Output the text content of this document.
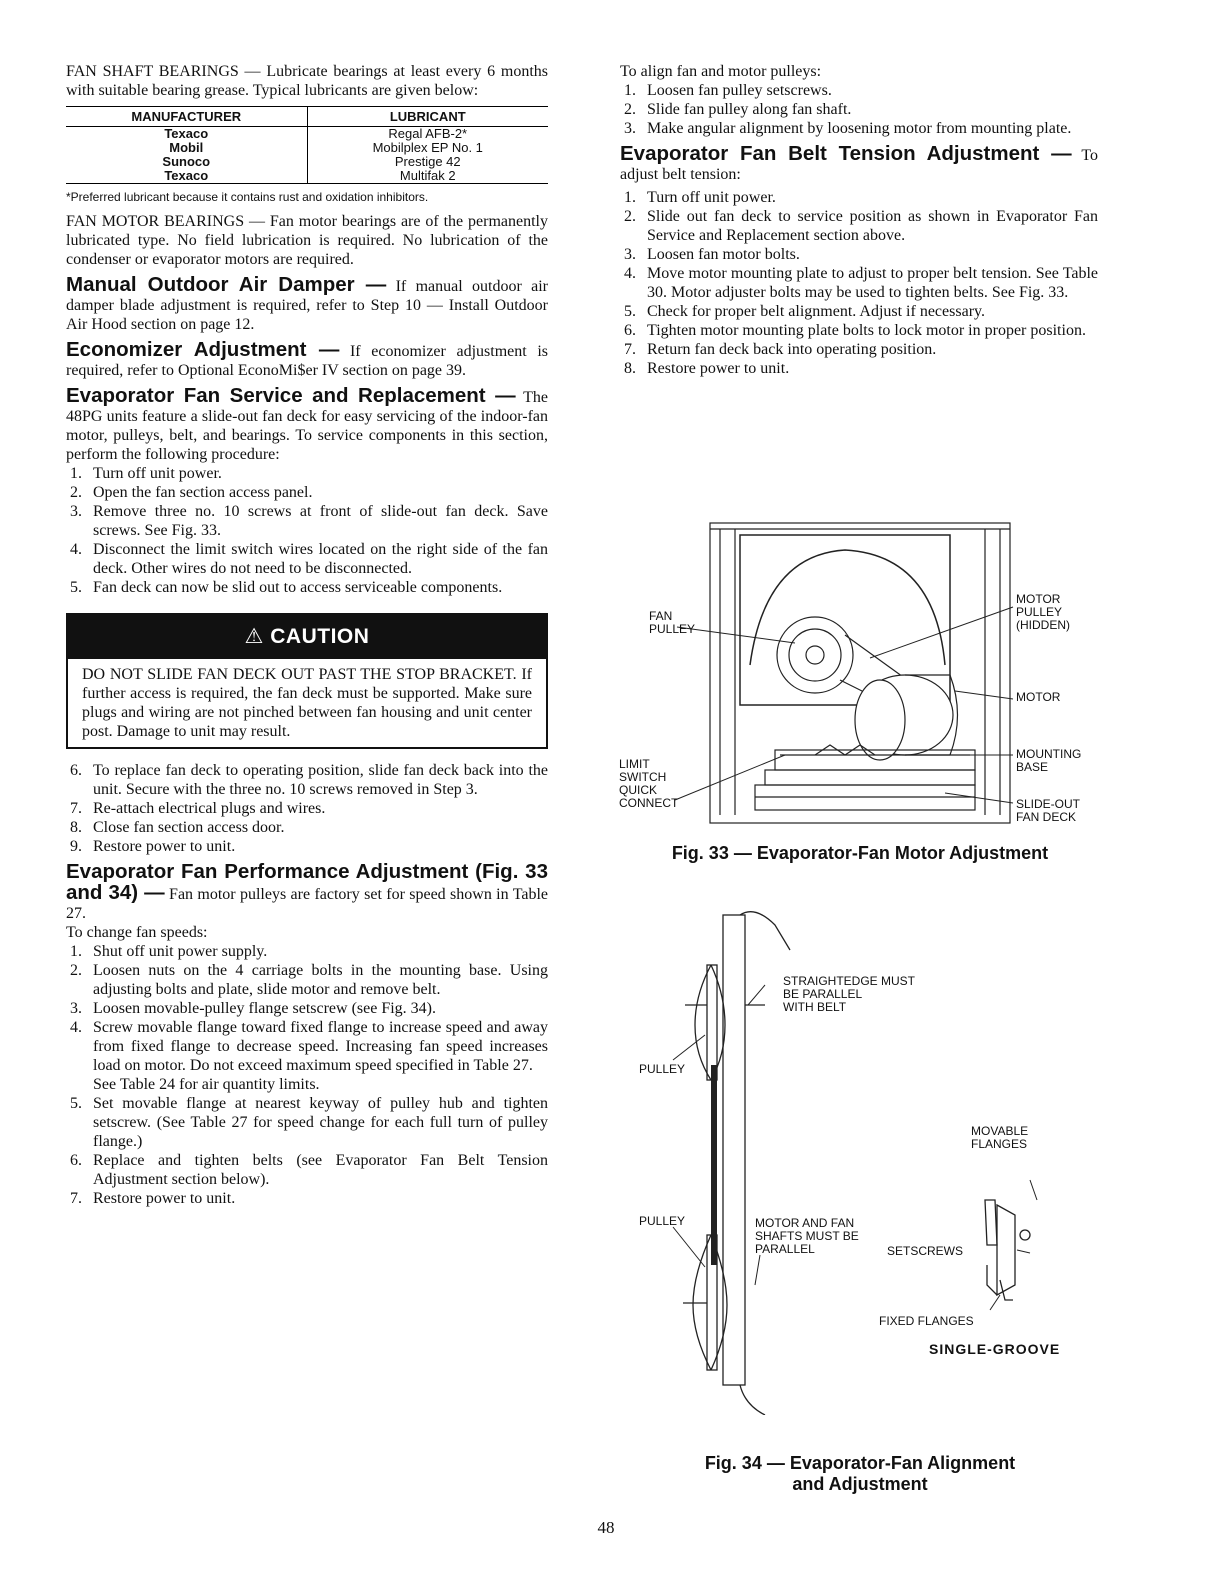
FAN SHAFT BEARINGS — Lubricate bearings at least every 6 months with suitable bearing grease. Typical lubricants are given below:

MANUFACTURER	LUBRICANT
Texaco	Regal AFB-2*
Mobil	Mobilplex EP No. 1
Sunoco	Prestige 42
Texaco	Multifak 2
*Preferred lubricant because it contains rust and oxidation inhibitors.

FAN MOTOR BEARINGS — Fan motor bearings are of the permanently lubricated type. No field lubrication is required. No lubrication of the condenser or evaporator motors are required.

Manual Outdoor Air Damper — If manual outdoor air damper blade adjustment is required, refer to Step 10 — Install Outdoor Air Hood section on page 12.

Economizer Adjustment — If economizer adjustment is required, refer to Optional EconoMi$er IV section on page 39.

Evaporator Fan Service and Replacement — The 48PG units feature a slide-out fan deck for easy servicing of the indoor-fan motor, pulleys, belt, and bearings. To service components in this section, perform the following procedure:

1. Turn off unit power.
2. Open the fan section access panel.
3. Remove three no. 10 screws at front of slide-out fan deck. Save screws. See Fig. 33.
4. Disconnect the limit switch wires located on the right side of the fan deck. Other wires do not need to be disconnected.
5. Fan deck can now be slid out to access serviceable components.
⚠ CAUTION
DO NOT SLIDE FAN DECK OUT PAST THE STOP BRACKET. If further access is required, the fan deck must be supported. Make sure plugs and wiring are not pinched between fan housing and unit center post. Damage to unit may result.
6. To replace fan deck to operating position, slide fan deck back into the unit. Secure with the three no. 10 screws removed in Step 3.
7. Re-attach electrical plugs and wires.
8. Close fan section access door.
9. Restore power to unit.

Evaporator Fan Performance Adjustment (Fig. 33 and 34) — Fan motor pulleys are factory set for speed shown in Table 27.

To change fan speeds:

1. Shut off unit power supply.
2. Loosen nuts on the 4 carriage bolts in the mounting base. Using adjusting bolts and plate, slide motor and remove belt.
3. Loosen movable-pulley flange setscrew (see Fig. 34).
4. Screw movable flange toward fixed flange to increase speed and away from fixed flange to decrease speed. Increasing fan speed increases load on motor. Do not exceed maximum speed specified in Table 27.
See Table 24 for air quantity limits.
5. Set movable flange at nearest keyway of pulley hub and tighten setscrew. (See Table 27 for speed change for each full turn of pulley flange.)
6. Replace and tighten belts (see Evaporator Fan Belt Tension Adjustment section below).
7. Restore power to unit.

To align fan and motor pulleys:

1. Loosen fan pulley setscrews.
2. Slide fan pulley along fan shaft.
3. Make angular alignment by loosening motor from mounting plate.

Evaporator Fan Belt Tension Adjustment — To adjust belt tension:

1. Turn off unit power.
2. Slide out fan deck to service position as shown in Evaporator Fan Service and Replacement section above.
3. Loosen fan motor bolts.
4. Move motor mounting plate to adjust to proper belt tension. See Table 30. Motor adjuster bolts may be used to tighten belts. See Fig. 33.
5. Check for proper belt alignment. Adjust if necessary.
6. Tighten motor mounting plate bolts to lock motor in proper position.
7. Return fan deck back into operating position.
8. Restore power to unit.
FAN
PULLEY
MOTOR
PULLEY
(HIDDEN)
MOTOR
MOUNTING
BASE
LIMIT
SWITCH
QUICK
CONNECT	SLIDE-OUT
FAN DECK
Fig. 33 — Evaporator-Fan Motor Adjustment
STRAIGHTEDGE MUST
BE PARALLEL
WITH BELT
PULLEY
MOVABLE
FLANGES
PULLEY	MOTOR AND FAN
SHAFTS MUST BE
PARALLEL	SETSCREWS
FIXED FLANGES
SINGLE-GROOVE
Fig. 34 — Evaporator-Fan Alignment
and Adjustment
48
